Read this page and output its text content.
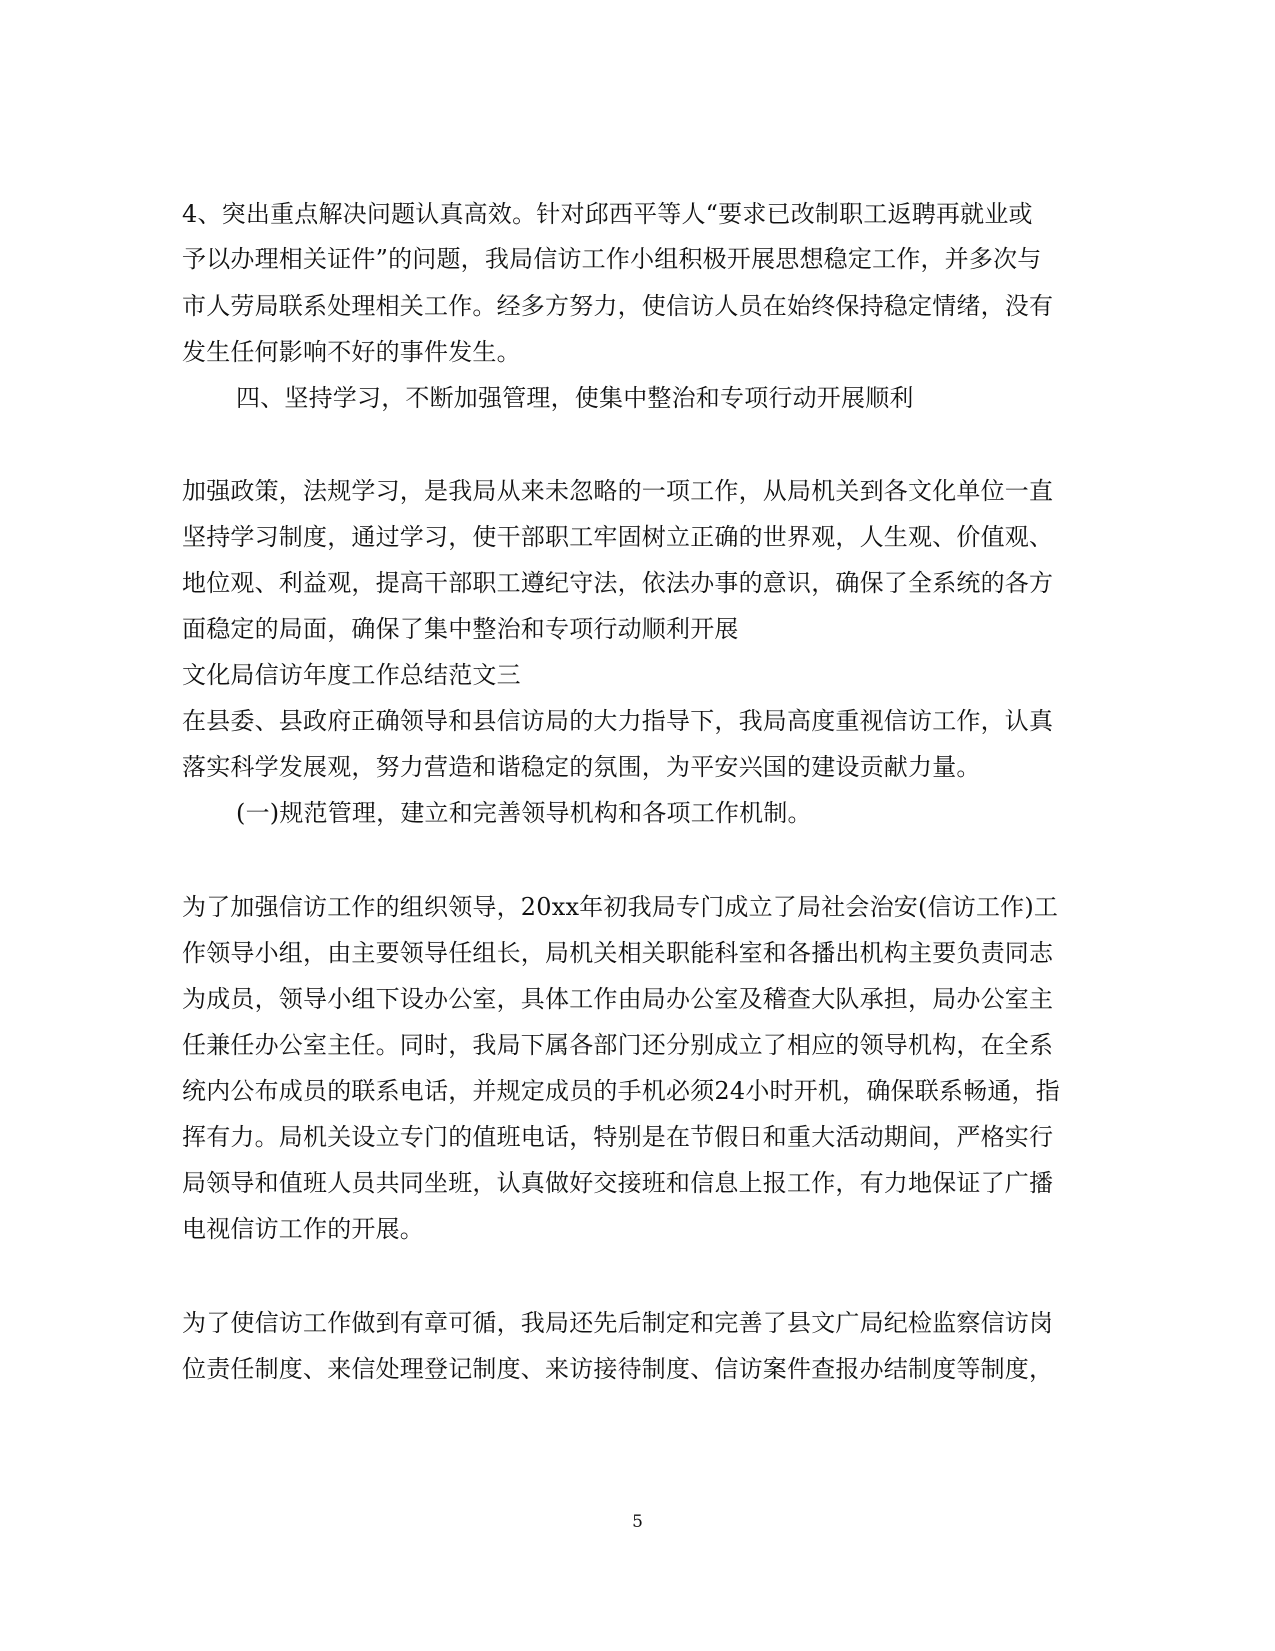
4、突出重点解决问题认真高效。针对邱西平等人“要求已改制职工返聘再就业或
予以办理相关证件”的问题，我局信访工作小组积极开展思想稳定工作，并多次与
市人劳局联系处理相关工作。经多方努力，使信访人员在始终保持稳定情绪，没有
发生任何影响不好的事件发生。
四、坚持学习，不断加强管理，使集中整治和专项行动开展顺利
加强政策，法规学习，是我局从来未忽略的一项工作，从局机关到各文化单位一直
坚持学习制度，通过学习，使干部职工牢固树立正确的世界观，人生观、价值观、
地位观、利益观，提高干部职工遵纪守法，依法办事的意识，确保了全系统的各方
面稳定的局面，确保了集中整治和专项行动顺利开展
文化局信访年度工作总结范文三
在县委、县政府正确领导和县信访局的大力指导下，我局高度重视信访工作，认真
落实科学发展观，努力营造和谐稳定的氛围，为平安兴国的建设贡献力量。
(一)规范管理，建立和完善领导机构和各项工作机制。
为了加强信访工作的组织领导，20xx年初我局专门成立了局社会治安(信访工作)工
作领导小组，由主要领导任组长，局机关相关职能科室和各播出机构主要负责同志
为成员，领导小组下设办公室，具体工作由局办公室及稽查大队承担，局办公室主
任兼任办公室主任。同时，我局下属各部门还分别成立了相应的领导机构，在全系
统内公布成员的联系电话，并规定成员的手机必须24小时开机，确保联系畅通，指
挥有力。局机关设立专门的值班电话，特别是在节假日和重大活动期间，严格实行
局领导和值班人员共同坐班，认真做好交接班和信息上报工作，有力地保证了广播
电视信访工作的开展。
为了使信访工作做到有章可循，我局还先后制定和完善了县文广局纪检监察信访岗
位责任制度、来信处理登记制度、来访接待制度、信访案件查报办结制度等制度，
5
